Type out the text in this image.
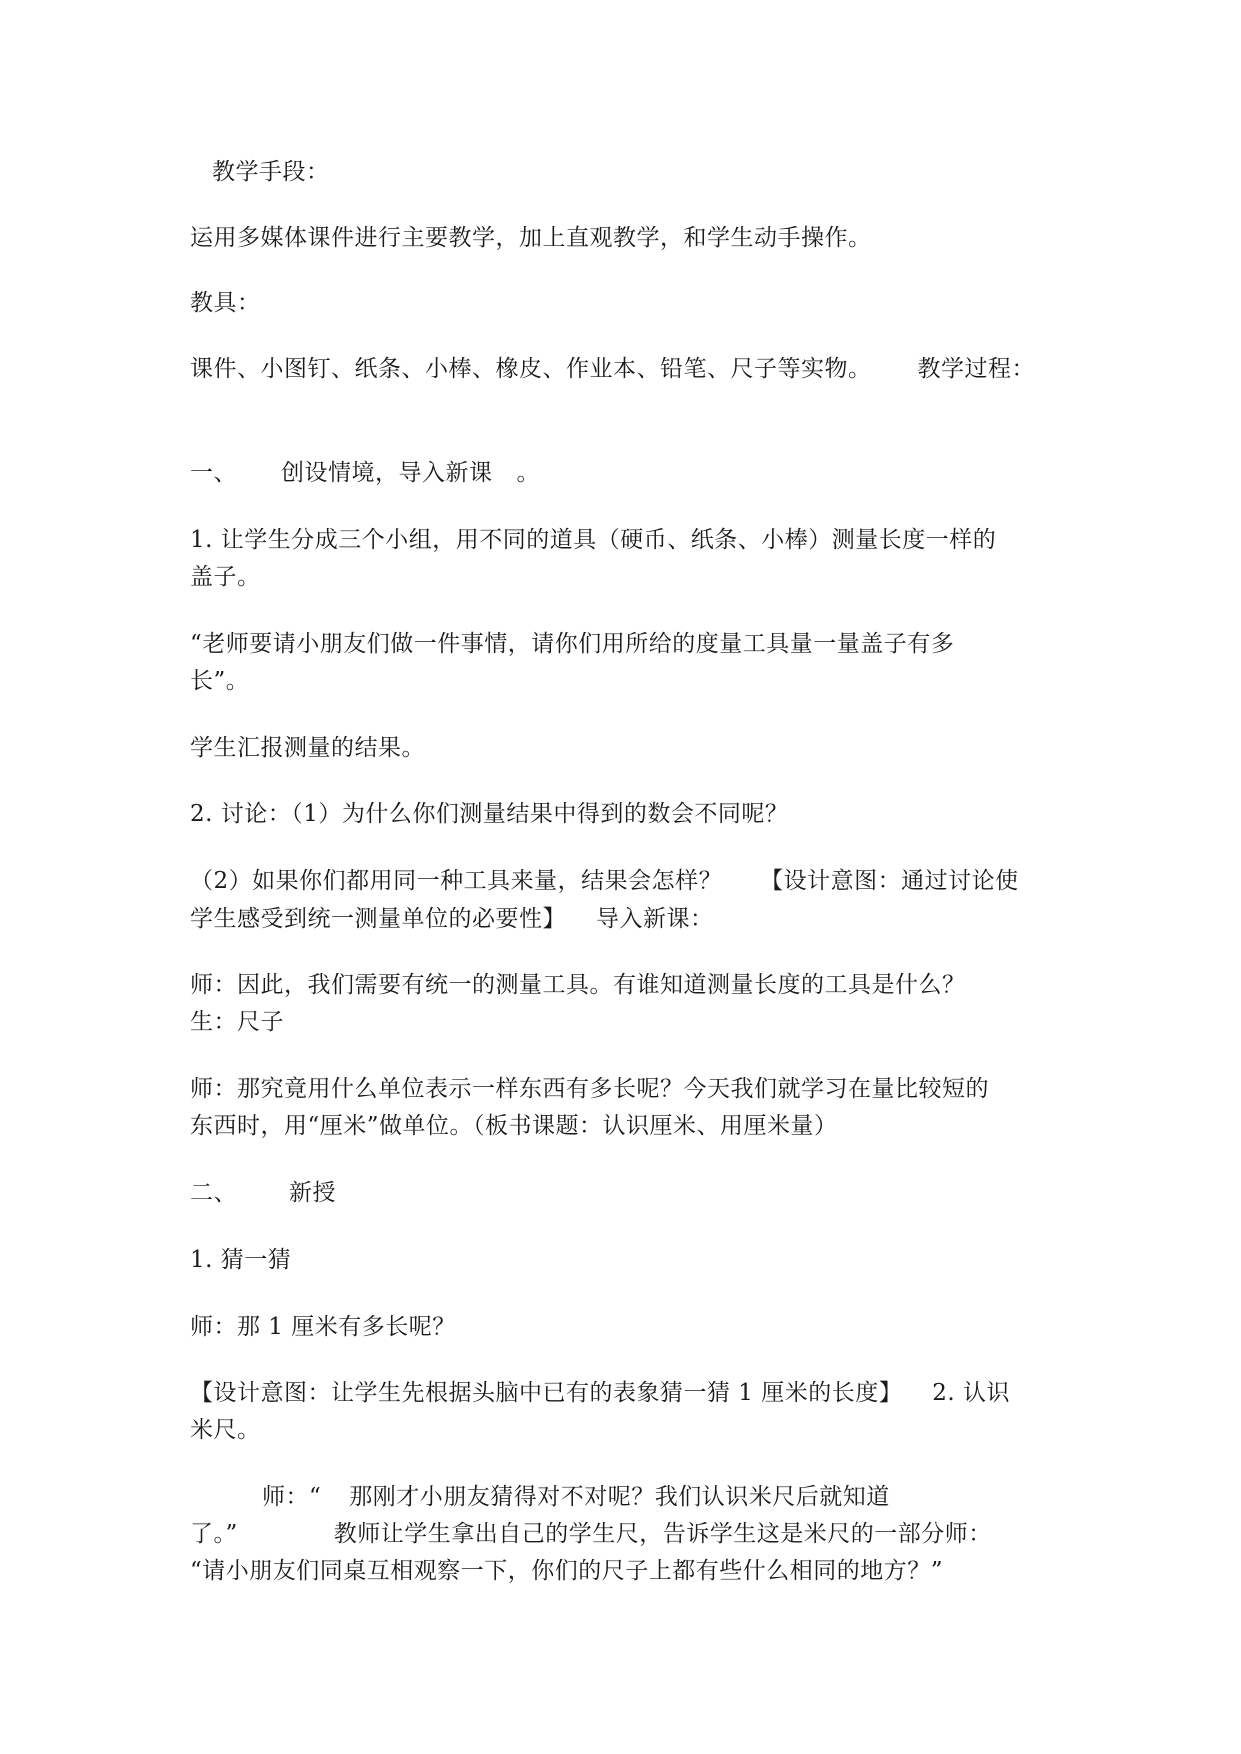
教学手段：
运用多媒体课件进行主要教学，加上直观教学，和学生动手操作。
教具：
课件、小图钉、纸条、小棒、橡皮、作业本、铅笔、尺子等实物。 教学过程：
一、 创设情境，导入新课 。
1. 让学生分成三个小组，用不同的道具（硬币、纸条、小棒）测量长度一样的
盖子。
“老师要请小朋友们做一件事情，请你们用所给的度量工具量一量盖子有多
长”。
学生汇报测量的结果。
2. 讨论：（1）为什么你们测量结果中得到的数会不同呢？
（2）如果你们都用同一种工具来量，结果会怎样？ 【设计意图：通过讨论使
学生感受到统一测量单位的必要性】 导入新课：
师：因此，我们需要有统一的测量工具。有谁知道测量长度的工具是什么？
生：尺子
师：那究竟用什么单位表示一样东西有多长呢？今天我们就学习在量比较短的
东西时，用“厘米”做单位。（板书课题：认识厘米、用厘米量）
二、 新授
1. 猜一猜
师：那 1 厘米有多长呢？
【设计意图：让学生先根据头脑中已有的表象猜一猜 1 厘米的长度】 2. 认识
米尺。
师：“ 那刚才小朋友猜得对不对呢？我们认识米尺后就知道
了。”	教师让学生拿出自己的学生尺，告诉学生这是米尺的一部分师：
“请小朋友们同桌互相观察一下，你们的尺子上都有些什么相同的地方？”
